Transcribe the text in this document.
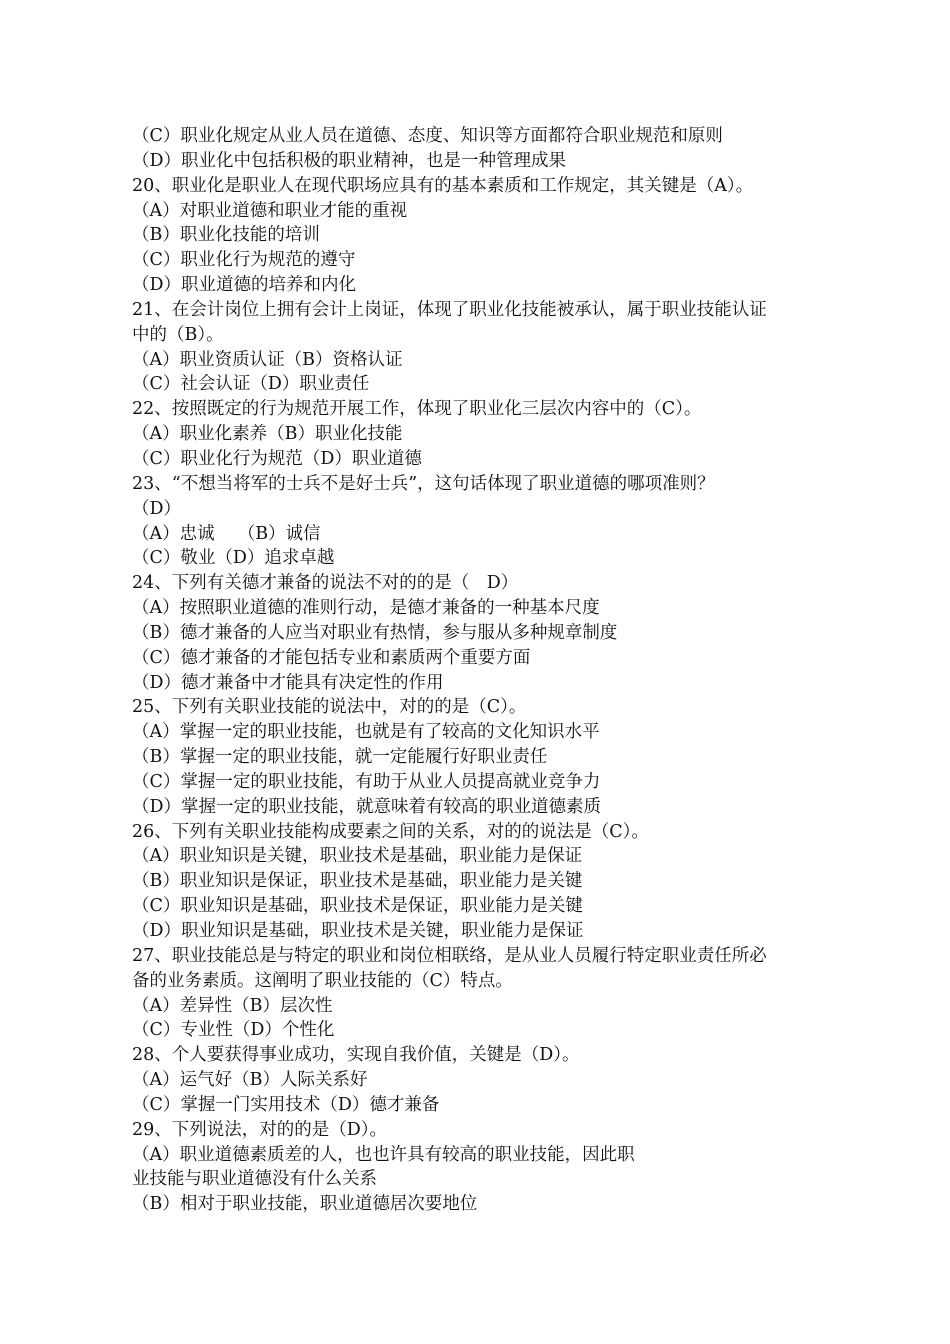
（C）职业化规定从业人员在道德、态度、知识等方面都符合职业规范和原则
（D）职业化中包括积极的职业精神，也是一种管理成果
20、职业化是职业人在现代职场应具有的基本素质和工作规定，其关键是（A）。
（A）对职业道德和职业才能的重视
（B）职业化技能的培训
（C）职业化行为规范的遵守
（D）职业道德的培养和内化
21、在会计岗位上拥有会计上岗证，体现了职业化技能被承认，属于职业技能认证
中的（B）。
（A）职业资质认证（B）资格认证
（C）社会认证（D）职业责任
22、按照既定的行为规范开展工作，体现了职业化三层次内容中的（C）。
（A）职业化素养（B）职业化技能
（C）职业化行为规范（D）职业道德
23、“不想当将军的士兵不是好士兵”，这句话体现了职业道德的哪项准则？
（D）
（A）忠诚　 （B）诚信
（C）敬业（D）追求卓越
24、下列有关德才兼备的说法不对的的是（　D）
（A）按照职业道德的准则行动，是德才兼备的一种基本尺度
（B）德才兼备的人应当对职业有热情，参与服从多种规章制度
（C）德才兼备的才能包括专业和素质两个重要方面
（D）德才兼备中才能具有决定性的作用
25、下列有关职业技能的说法中，对的的是（C）。
（A）掌握一定的职业技能，也就是有了较高的文化知识水平
（B）掌握一定的职业技能，就一定能履行好职业责任
（C）掌握一定的职业技能，有助于从业人员提高就业竞争力
（D）掌握一定的职业技能，就意味着有较高的职业道德素质
26、下列有关职业技能构成要素之间的关系，对的的说法是（C）。
（A）职业知识是关键，职业技术是基础，职业能力是保证
（B）职业知识是保证，职业技术是基础，职业能力是关键
（C）职业知识是基础，职业技术是保证，职业能力是关键
（D）职业知识是基础，职业技术是关键，职业能力是保证
27、职业技能总是与特定的职业和岗位相联络，是从业人员履行特定职业责任所必
备的业务素质。这阐明了职业技能的（C）特点。
（A）差异性（B）层次性
（C）专业性（D）个性化
28、个人要获得事业成功，实现自我价值，关键是（D）。
（A）运气好（B）人际关系好
（C）掌握一门实用技术（D）德才兼备
29、下列说法，对的的是（D）。
（A）职业道德素质差的人，也也许具有较高的职业技能，因此职
业技能与职业道德没有什么关系
（B）相对于职业技能，职业道德居次要地位
